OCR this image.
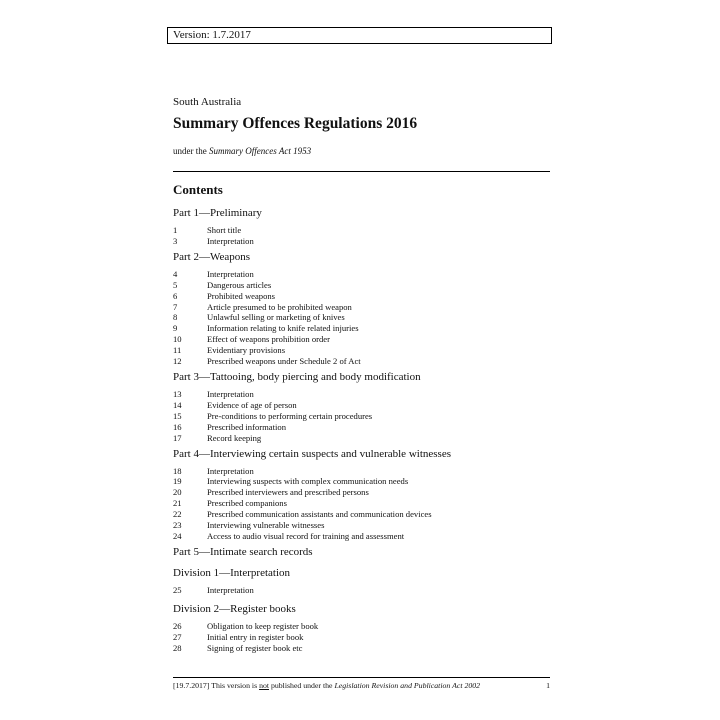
Version: 1.7.2017
South Australia
Summary Offences Regulations 2016
under the Summary Offences Act 1953
Contents
Part 1—Preliminary
1	Short title
3	Interpretation
Part 2—Weapons
4	Interpretation
5	Dangerous articles
6	Prohibited weapons
7	Article presumed to be prohibited weapon
8	Unlawful selling or marketing of knives
9	Information relating to knife related injuries
10	Effect of weapons prohibition order
11	Evidentiary provisions
12	Prescribed weapons under Schedule 2 of Act
Part 3—Tattooing, body piercing and body modification
13	Interpretation
14	Evidence of age of person
15	Pre-conditions to performing certain procedures
16	Prescribed information
17	Record keeping
Part 4—Interviewing certain suspects and vulnerable witnesses
18	Interpretation
19	Interviewing suspects with complex communication needs
20	Prescribed interviewers and prescribed persons
21	Prescribed companions
22	Prescribed communication assistants and communication devices
23	Interviewing vulnerable witnesses
24	Access to audio visual record for training and assessment
Part 5—Intimate search records
Division 1—Interpretation
25	Interpretation
Division 2—Register books
26	Obligation to keep register book
27	Initial entry in register book
28	Signing of register book etc
[19.7.2017] This version is not published under the Legislation Revision and Publication Act 2002	1
